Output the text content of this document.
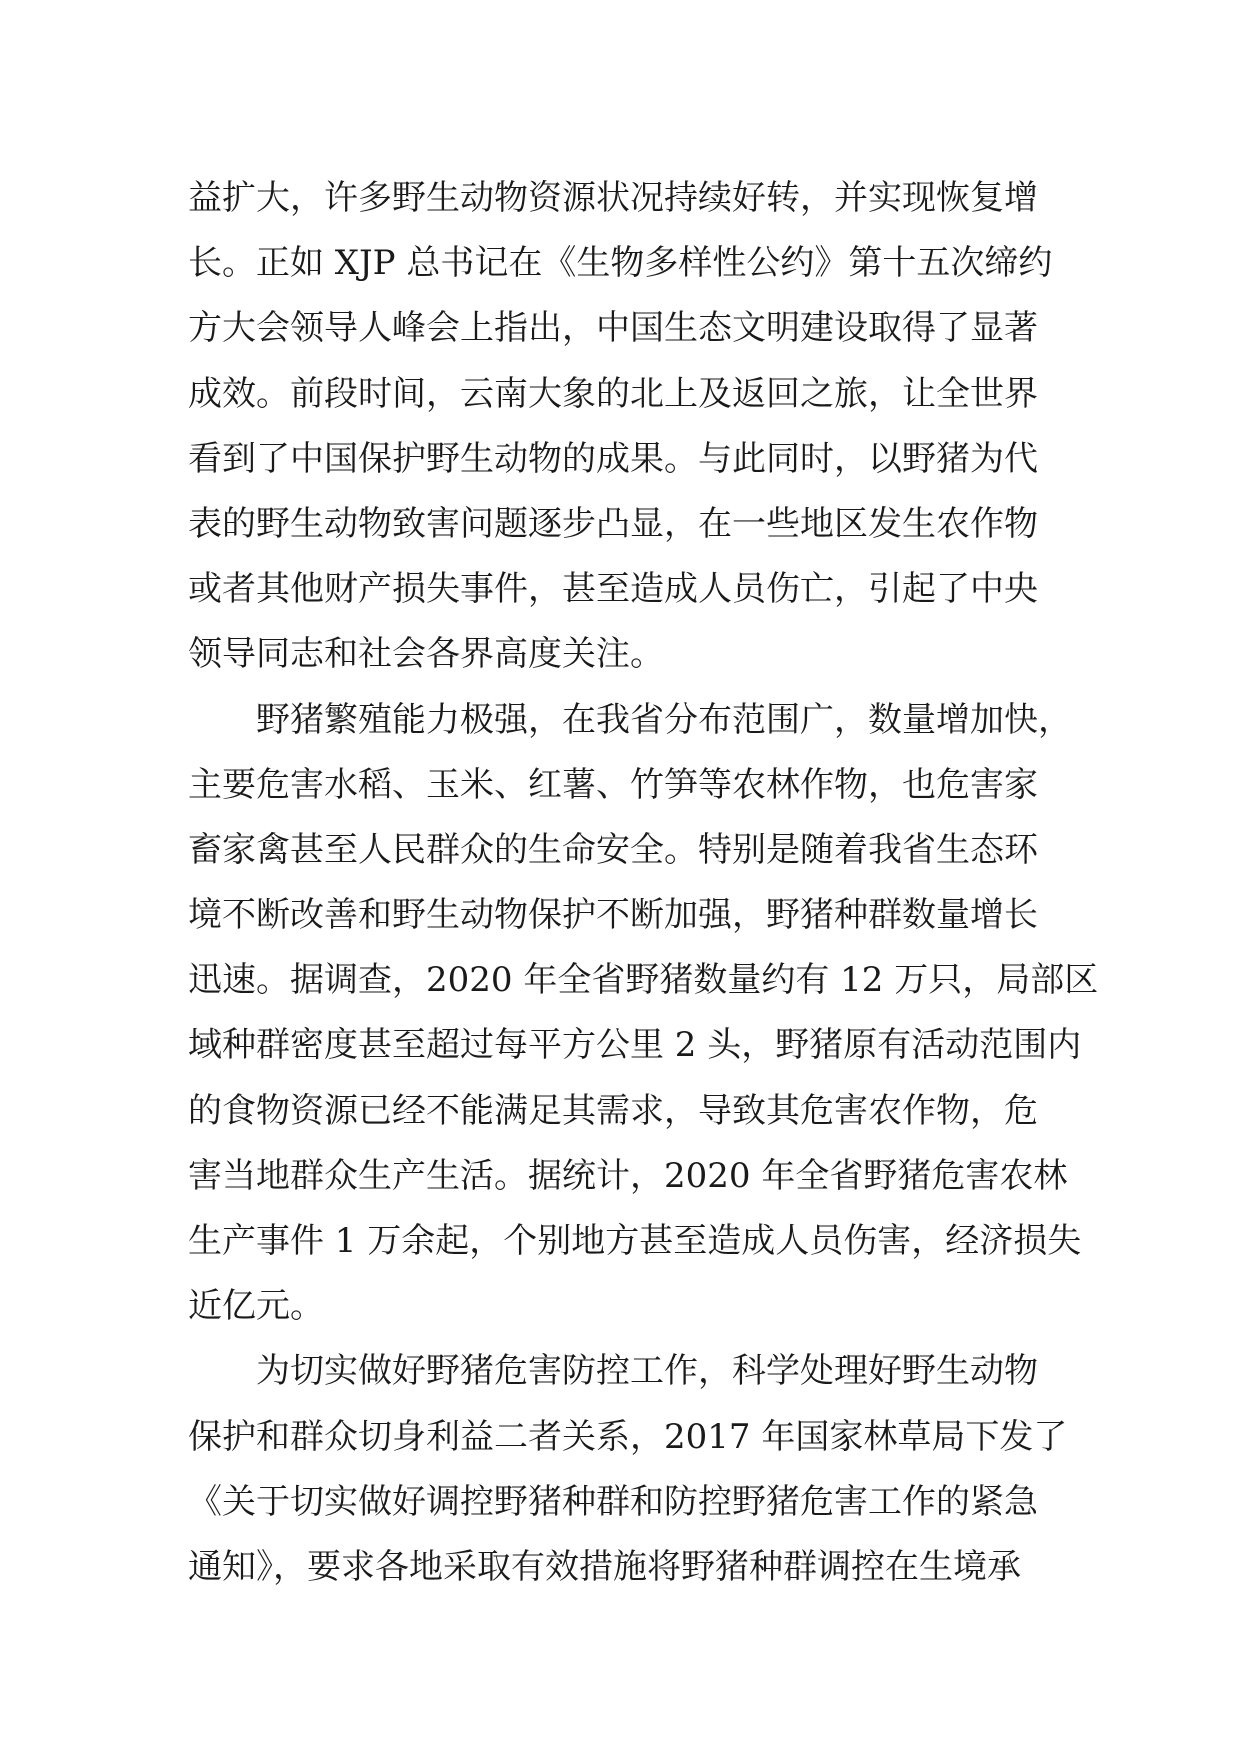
益扩大，许多野生动物资源状况持续好转，并实现恢复增
长。正如 XJP 总书记在《生物多样性公约》第十五次缔约
方大会领导人峰会上指出，中国生态文明建设取得了显著
成效。前段时间，云南大象的北上及返回之旅，让全世界
看到了中国保护野生动物的成果。与此同时，以野猪为代
表的野生动物致害问题逐步凸显，在一些地区发生农作物
或者其他财产损失事件，甚至造成人员伤亡，引起了中央
领导同志和社会各界高度关注。
　　野猪繁殖能力极强，在我省分布范围广，数量增加快，
主要危害水稻、玉米、红薯、竹笋等农林作物，也危害家
畜家禽甚至人民群众的生命安全。特别是随着我省生态环
境不断改善和野生动物保护不断加强，野猪种群数量增长
迅速。据调查，2020 年全省野猪数量约有 12 万只，局部区
域种群密度甚至超过每平方公里 2 头，野猪原有活动范围内
的食物资源已经不能满足其需求，导致其危害农作物，危
害当地群众生产生活。据统计，2020 年全省野猪危害农林
生产事件 1 万余起，个别地方甚至造成人员伤害，经济损失
近亿元。
　　为切实做好野猪危害防控工作，科学处理好野生动物
保护和群众切身利益二者关系，2017 年国家林草局下发了
《关于切实做好调控野猪种群和防控野猪危害工作的紧急
通知》，要求各地采取有效措施将野猪种群调控在生境承
